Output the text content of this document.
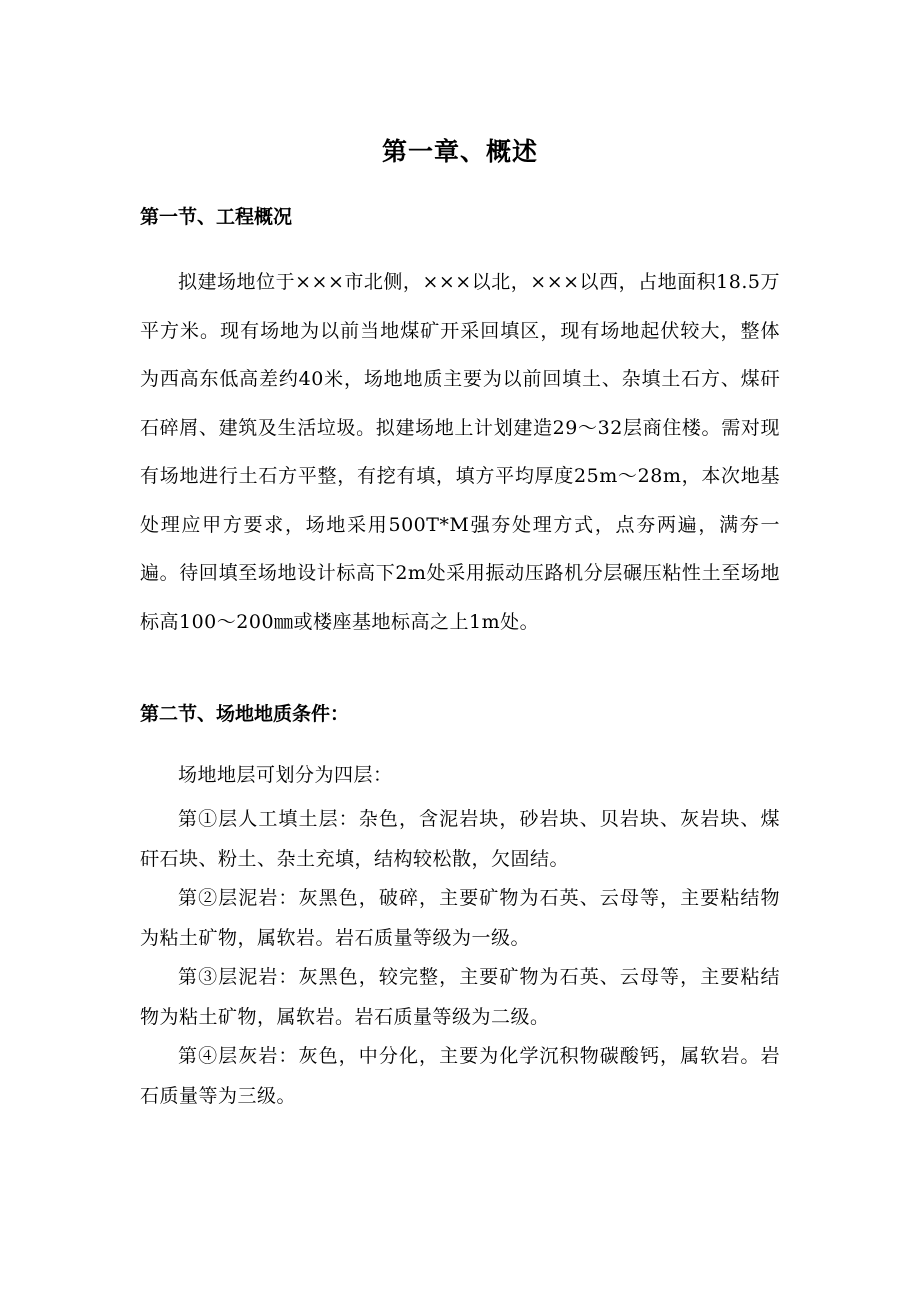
第一章、概述
第一节、工程概况

拟建场地位于×××市北侧，×××以北，×××以西，占地面积18.5万平方米。现有场地为以前当地煤矿开采回填区，现有场地起伏较大，整体为西高东低高差约40米，场地地质主要为以前回填土、杂填土石方、煤矸石碎屑、建筑及生活垃圾。拟建场地上计划建造29～32层商住楼。需对现有场地进行土石方平整，有挖有填，填方平均厚度25m～28m，本次地基处理应甲方要求，场地采用500T*M强夯处理方式，点夯两遍，满夯一遍。待回填至场地设计标高下2m处采用振动压路机分层碾压粘性土至场地标高100～200㎜或楼座基地标高之上1m处。

第二节、场地地质条件：

场地地层可划分为四层：

第①层人工填土层：杂色，含泥岩块，砂岩块、贝岩块、灰岩块、煤矸石块、粉土、杂土充填，结构较松散，欠固结。

第②层泥岩：灰黑色，破碎，主要矿物为石英、云母等，主要粘结物为粘土矿物，属软岩。岩石质量等级为一级。

第③层泥岩：灰黑色，较完整，主要矿物为石英、云母等，主要粘结物为粘土矿物，属软岩。岩石质量等级为二级。

第④层灰岩：灰色，中分化，主要为化学沉积物碳酸钙，属软岩。岩石质量等为三级。
